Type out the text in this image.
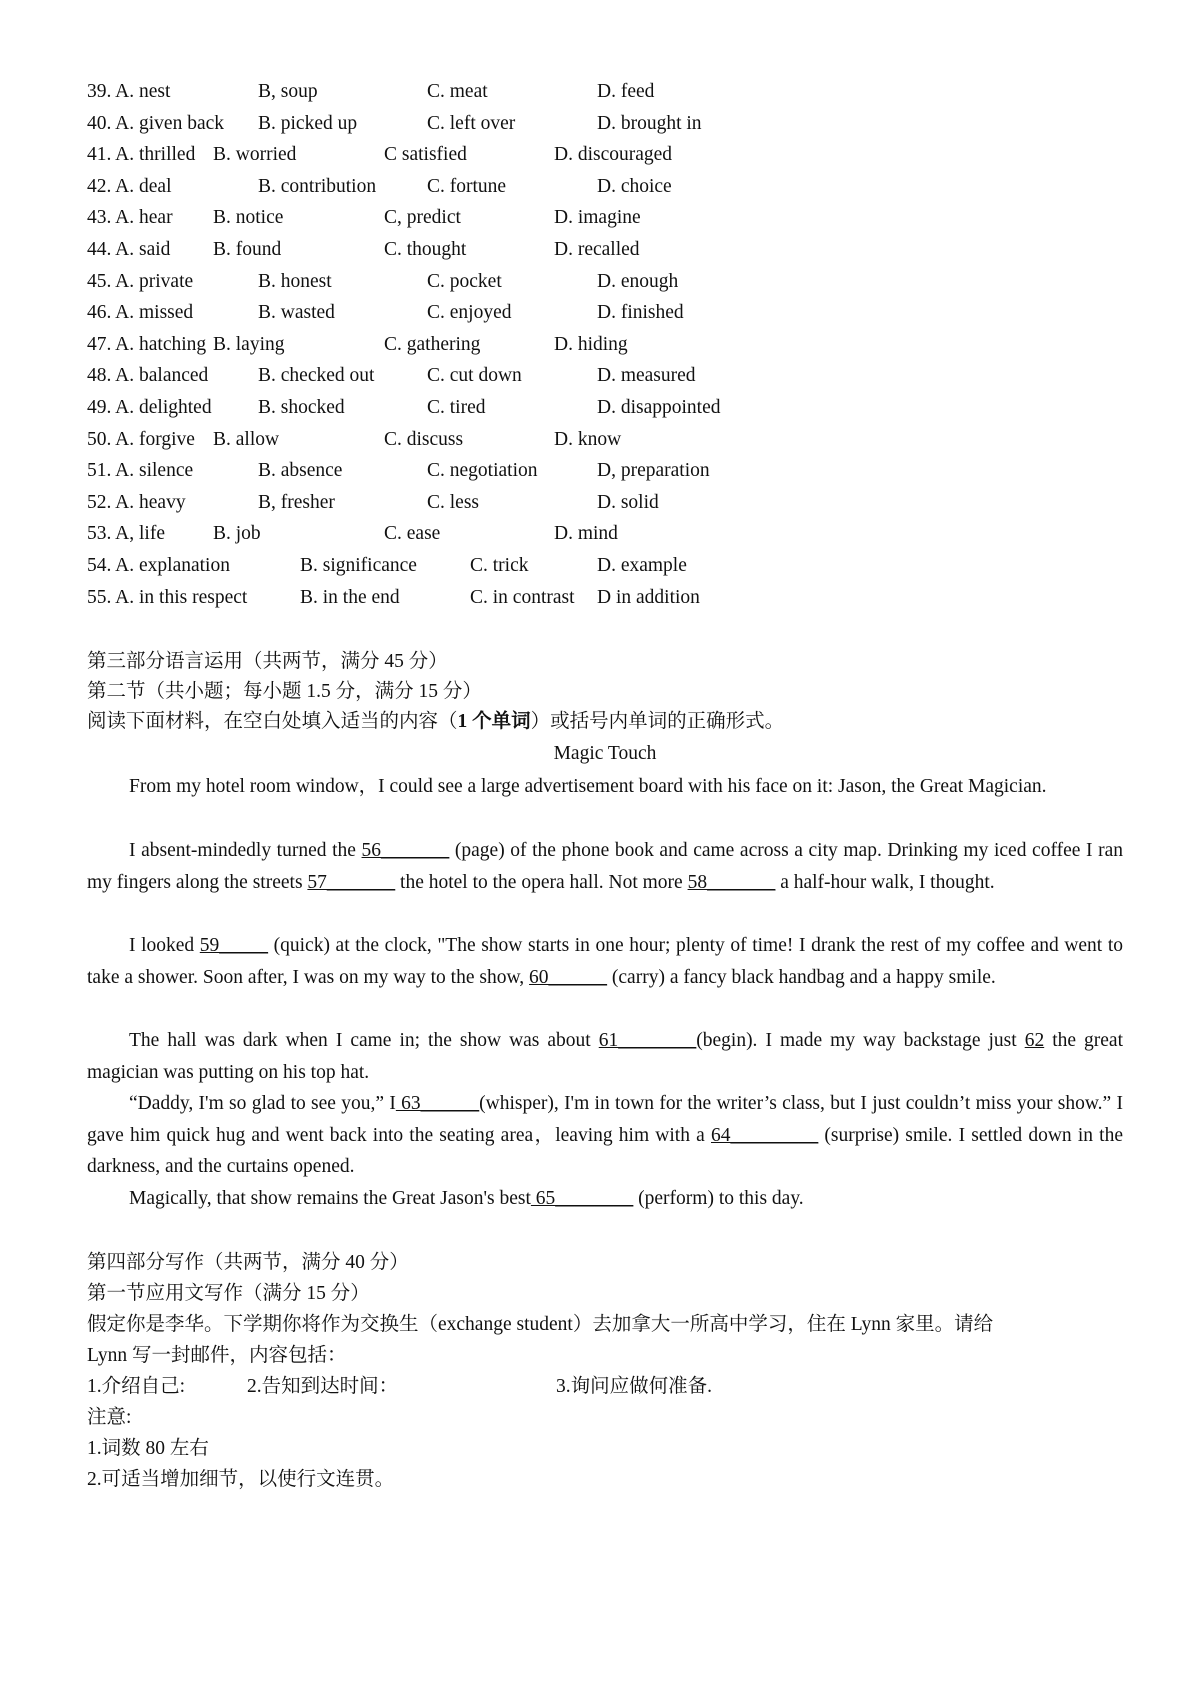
39. A. nest	B, soup	C. meat	D. feed
40. A. given back B. picked up	C. left over	D. brought in
41. A. thrilled B. worried	C satisfied	D. discouraged
42. A. deal	B. contribution	C. fortune	D. choice
43. A. hear B. notice	C, predict	D. imagine
44. A. said B. found	C. thought	D. recalled
45. A. private	B. honest	C. pocket	D. enough
46. A. missed	B. wasted	C. enjoyed	D. finished
47. A. hatching B. laying	C. gathering	D. hiding
48. A. balanced	B. checked out	C. cut down	D. measured
49. A. delighted B. shocked	C. tired	D. disappointed
50. A. forgive B. allow	C. discuss	D. know
51. A. silence	B. absence	C. negotiation	D, preparation
52. A. heavy	B, fresher	C. less	D. solid
53. A, life B. job	C. ease	D. mind
54. A. explanation	B. significance	C. trick	D. example
55. A. in this respect	B. in the end	C. in contrast D in addition
第三部分语言运用（共两节，满分 45 分）
第二节（共小题；每小题 1.5 分，满分 15 分）
阅读下面材料，在空白处填入适当的内容（1 个单词）或括号内单词的正确形式。
Magic Touch
From my hotel room window，I could see a large advertisement board with his face on it: Jason, the Great Magician.
I absent-mindedly turned the 56_______ (page) of the phone book and came across a city map. Drinking my iced coffee I ran my fingers along the streets 57_______ the hotel to the opera hall. Not more 58_______ a half-hour walk, I thought.
I looked 59_____ (quick) at the clock, "The show starts in one hour; plenty of time! I drank the rest of my coffee and went to take a shower. Soon after, I was on my way to the show, 60______ (carry) a fancy black handbag and a happy smile.
The hall was dark when I came in; the show was about 61________(begin). I made my way backstage just 62 the great magician was putting on his top hat.
“Daddy, I'm so glad to see you,” I 63______(whisper), I'm in town for the writer’s class, but I just couldn’t miss your show.” I gave him quick hug and went back into the seating area，leaving him with a 64_________ (surprise) smile. I settled down in the darkness, and the curtains opened.
Magically, that show remains the Great Jason's best 65________ (perform) to this day.
第四部分写作（共两节，满分 40 分）
第一节应用文写作（满分 15 分）
假定你是李华。下学期你将作为交换生（exchange student）去加拿大一所高中学习，住在 Lynn 家里。请给
Lynn 写一封邮件，内容包括：
1.介绍自己:	2.告知到达时间：	3.询问应做何准备.
注意:
1.词数 80 左右
2.可适当增加细节，以使行文连贯。
